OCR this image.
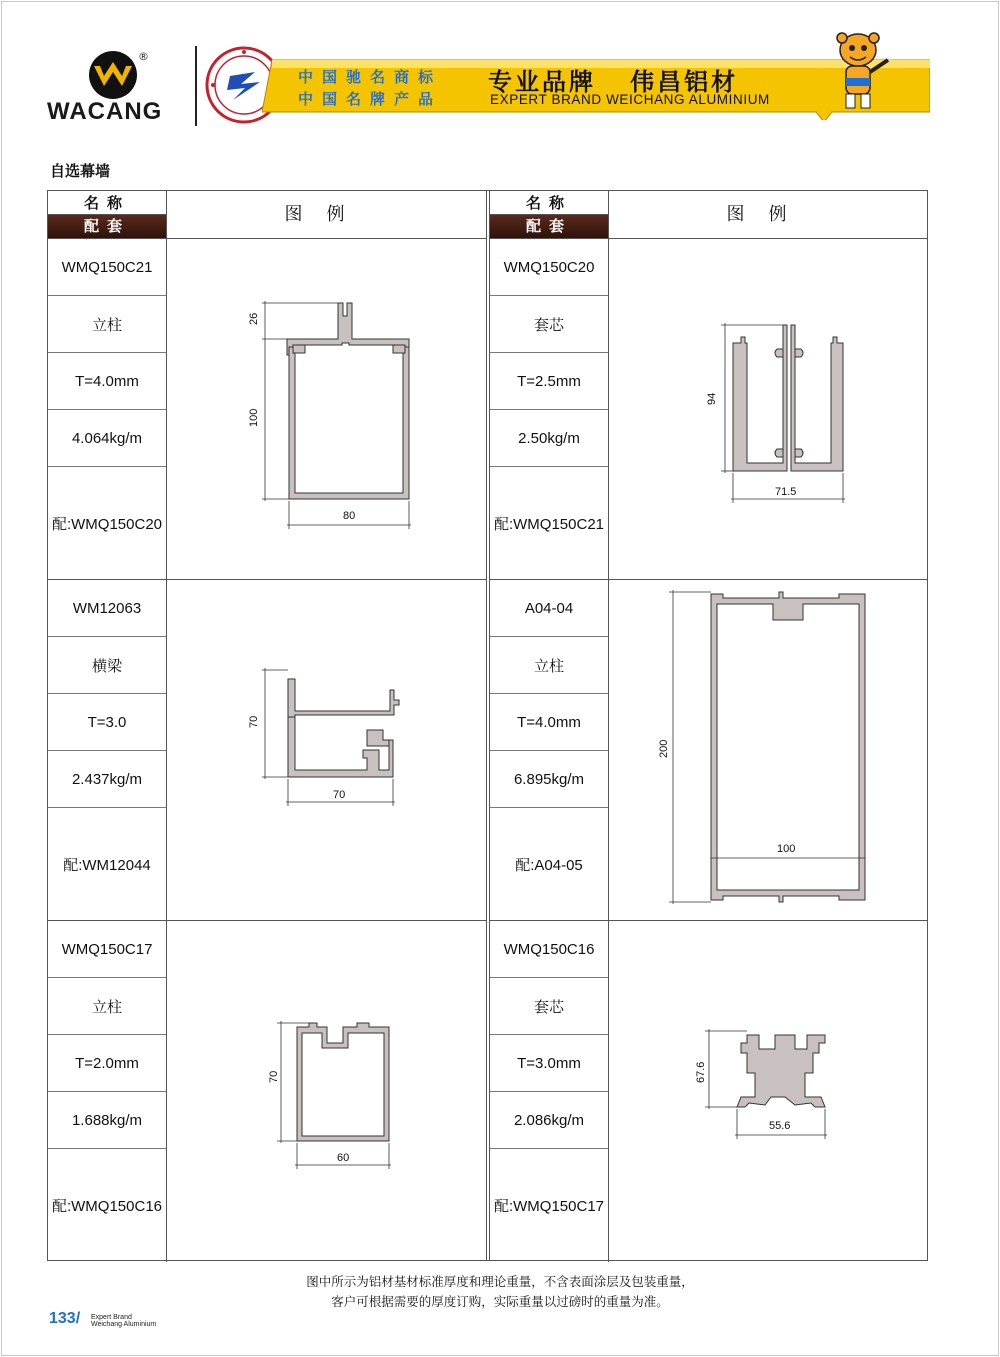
®
WACANG
中国驰名商标
中国名牌产品
专业品牌   伟昌铝材
EXPERT BRAND WEICHANG ALUMINIUM
自选幕墙
名称
配套
图例
WMQ150C21
立柱
T=4.0mm
4.064kg/m
配:WMQ150C20
26
100
80
WM12063
横梁
T=3.0
2.437kg/m
配:WM12044
70
70
WMQ150C17
立柱
T=2.0mm
1.688kg/m
配:WMQ150C16
70
60
名称
配套
图例
WMQ150C20
套芯
T=2.5mm
2.50kg/m
配:WMQ150C21
94
71.5
A04-04
立柱
T=4.0mm
6.895kg/m
配:A04-05
200
100
WMQ150C16
套芯
T=3.0mm
2.086kg/m
配:WMQ150C17
67.6
55.6
图中所示为铝材基材标准厚度和理论重量，不含表面涂层及包装重量，
客户可根据需要的厚度订购，实际重量以过磅时的重量为准。
133/ Expert Brand
Weichang Aluminium
